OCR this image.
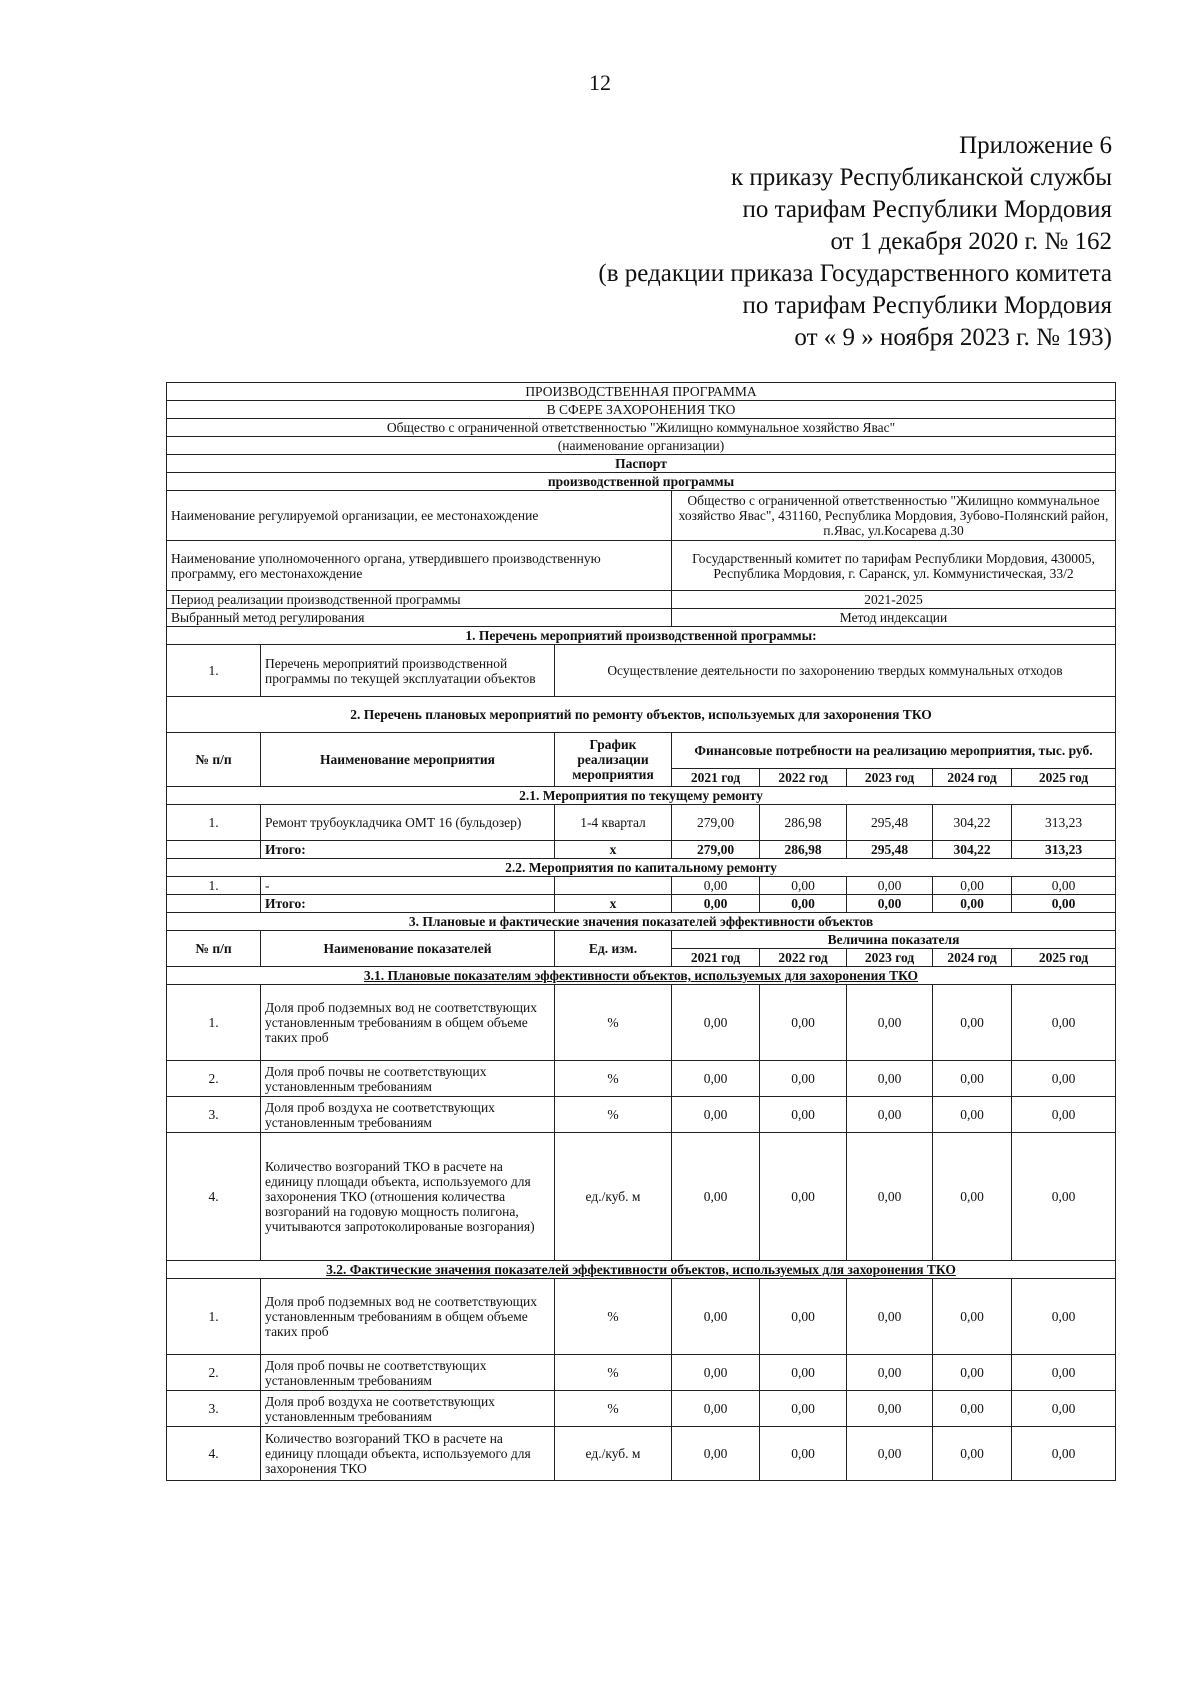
12
Приложение 6
к приказу Республиканской службы
по тарифам Республики Мордовия
от 1 декабря 2020 г. № 162
(в редакции приказа Государственного комитета
по тарифам Республики Мордовия
от « 9 » ноября 2023 г. № 193)
ПРОИЗВОДСТВЕННАЯ ПРОГРАММА							
В СФЕРЕ ЗАХОРОНЕНИЯ ТКО							
Общество с ограниченной ответственностью "Жилищно коммунальное хозяйство Явас"							
(наименование организации)							
Паспорт							
производственной программы							
Наименование регулируемой организации, ее местонахождение			Общество с ограниченной ответственностью "Жилищно коммунальное хозяйство Явас", 431160, Республика Мордовия, Зубово-Полянский район, п.Явас, ул.Косарева д.30				
Наименование уполномоченного органа, утвердившего производственную программу, его местонахождение			Государственный комитет по тарифам Республики Мордовия, 430005, Республика Мордовия, г. Саранск, ул. Коммунистическая, 33/2				
Период реализации производственной программы			2021-2025				
Выбранный метод регулирования			Метод индексации				
1. Перечень мероприятий производственной программы:							
1.	Перечень мероприятий производственной программы по текущей эксплуатации объектов	Осуществление деятельности по захоронению твердых коммунальных отходов					
2. Перечень плановых мероприятий по ремонту объектов, используемых для захоронения ТКО							
№ п/п	Наименование мероприятия	График реализации мероприятия	Финансовые потребности на реализацию мероприятия, тыс. руб.				
			2021 год	2022 год	2023 год	2024 год	2025 год
2.1. Мероприятия по текущему ремонту							
1.	Ремонт трубоукладчика ОМТ 16 (бульдозер)	1-4 квартал	279,00	286,98	295,48	304,22	313,23
	Итого:	х	279,00	286,98	295,48	304,22	313,23
2.2. Мероприятия по капитальному ремонту							
1.	-		0,00	0,00	0,00	0,00	0,00
	Итого:	х	0,00	0,00	0,00	0,00	0,00
3. Плановые и фактические значения показателей эффективности объектов							
№ п/п	Наименование показателей	Ед. изм.	Величина показателя				
			2021 год	2022 год	2023 год	2024 год	2025 год
3.1. Плановые показателям эффективности объектов, используемых для захоронения ТКО							
1.	Доля проб подземных вод не соответствующих установленным требованиям в общем объеме таких проб	%	0,00	0,00	0,00	0,00	0,00
2.	Доля проб почвы не соответствующих установленным требованиям	%	0,00	0,00	0,00	0,00	0,00
3.	Доля проб воздуха не соответствующих установленным требованиям	%	0,00	0,00	0,00	0,00	0,00
4.	Количество возгораний ТКО в расчете на единицу площади объекта, используемого для захоронения ТКО (отношения количества возгораний на годовую мощность полигона, учитываются запротоколированые возгорания)	ед./куб. м	0,00	0,00	0,00	0,00	0,00
3.2. Фактические значения показателей эффективности объектов, используемых для захоронения ТКО							
1.	Доля проб подземных вод не соответствующих установленным требованиям в общем объеме таких проб	%	0,00	0,00	0,00	0,00	0,00
2.	Доля проб почвы не соответствующих установленным требованиям	%	0,00	0,00	0,00	0,00	0,00
3.	Доля проб воздуха не соответствующих установленным требованиям	%	0,00	0,00	0,00	0,00	0,00
4.	Количество возгораний ТКО в расчете на единицу площади объекта, используемого для захоронения ТКО	ед./куб. м	0,00	0,00	0,00	0,00	0,00
